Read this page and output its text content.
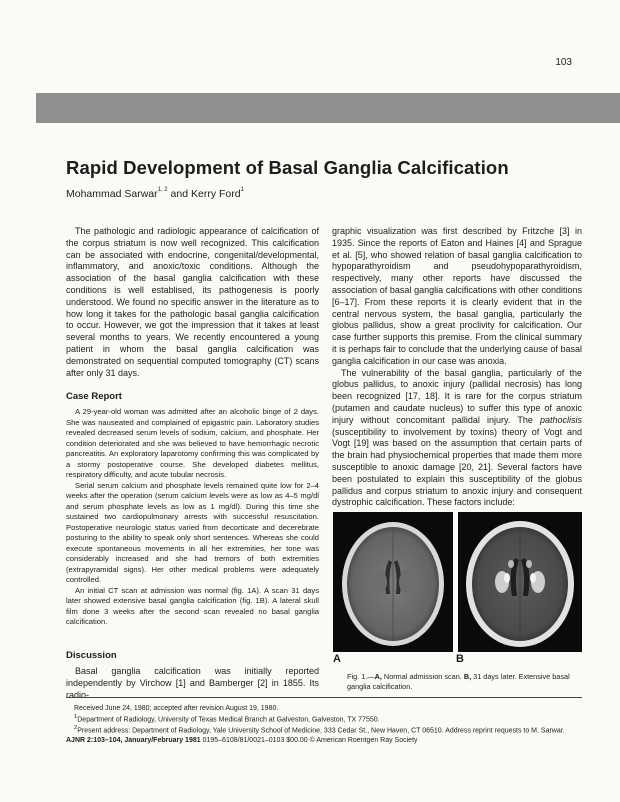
103
Rapid Development of Basal Ganglia Calcification
Mohammad Sarwar$^{1, 2}$ and Kerry Ford$^1$

The pathologic and radiologic appearance of calcification of the corpus striatum is now well recognized. This calcification can be associated with endocrine, congenital/developmental, inflammatory, and anoxic/toxic conditions. Although the association of the basal ganglia calcification with these conditions is well establised, its pathogenesis is poorly understood. We found no specific answer in the literature as to how long it takes for the pathologic basal ganglia calcification to occur. However, we got the impression that it takes at least several months to years. We recently encountered a young patient in whom the basal ganglia calcification was demonstrated on sequential computed tomography (CT) scans after only 31 days.

Case Report

A 29-year-old woman was admitted after an alcoholic binge of 2 days. She was nauseated and complained of epigastric pain. Laboratory studies revealed decreased serum levels of sodium, calcium, and phosphate. Her condition deteriorated and she was believed to have hemorrhagic necrotic pancreatitis. An exploratory laparotomy confirming this was complicated by a stormy postoperative course. She developed diabetes mellitus, respiratory difficulty, and acute tubular necrosis.

Serial serum calcium and phosphate levels remained quite low for 2–4 weeks after the operation (serum calcium levels were as low as 4–5 mg/dl and serum phosphate levels as low as 1 mg/dl). During this time she sustained two cardiopulmonary arrests with successful resuscitation. Postoperative neurologic status varied from decorticate and decerebrate posturing to the ability to speak only short sentences. Whereas she could execute spontaneous movements in all her extremities, her tone was considerably increased and she had tremors of both extremities (extrapyramidal signs). Her other medical problems were adequately controlled.

An initial CT scan at admission was normal (fig. 1A). A scan 31 days later showed extensive basal ganglia calcification (fig. 1B). A lateral skull film done 3 weeks after the second scan revealed no basal ganglia calcification.

Discussion

Basal ganglia calcification was initially reported independently by Virchow [1] and Bamberger [2] in 1855. Its radio-

graphic visualization was first described by Fritzche [3] in 1935. Since the reports of Eaton and Haines [4] and Sprague et al. [5], who showed relation of basal ganglia calcification to hypoparathyroidism and pseudohypoparathyroidism, respectively, many other reports have discussed the association of basal ganglia calcifications with other conditions [6–17]. From these reports it is clearly evident that in the central nervous system, the basal ganglia, particularly the globus pallidus, show a great proclivity for calcification. Our case further supports this premise. From the clinical summary it is perhaps fair to conclude that the underlying cause of basal ganglia calcification in our case was anoxia.

The vulnerability of the basal ganglia, particularly of the globus pallidus, to anoxic injury (pallidal necrosis) has long been recognized [17, 18]. It is rare for the corpus striatum (putamen and caudate nucleus) to suffer this type of anoxic injury without concomitant pallidal injury. The pathoclisis (susceptibility to involvement by toxins) theory of Vogt and Vogt [19] was based on the assumption that certain parts of the brain had physiochemical properties that made them more susceptible to anoxic damage [20, 21]. Several factors have been postulated to explain this susceptibility of the globus pallidus and corpus striatum to anoxic injury and consequent dystrophic calcification. These factors include:

A	B
Fig. 1.—A, Normal admission scan. B, 31 days later. Extensive basal ganglia calcification.

Received June 24, 1980; accepted after revision August 19, 1980.

$^1$Department of Radiology, University of Texas Medical Branch at Galveston, Galveston, TX 77550.

$^2$Present address: Department of Radiology, Yale University School of Medicine, 333 Cedar St., New Haven, CT 06510. Address reprint requests to M. Sarwar.

AJNR 2:103–104, January/February 1981 0195–6108/81/0021–0103 $00.00 © American Roentgen Ray Society
